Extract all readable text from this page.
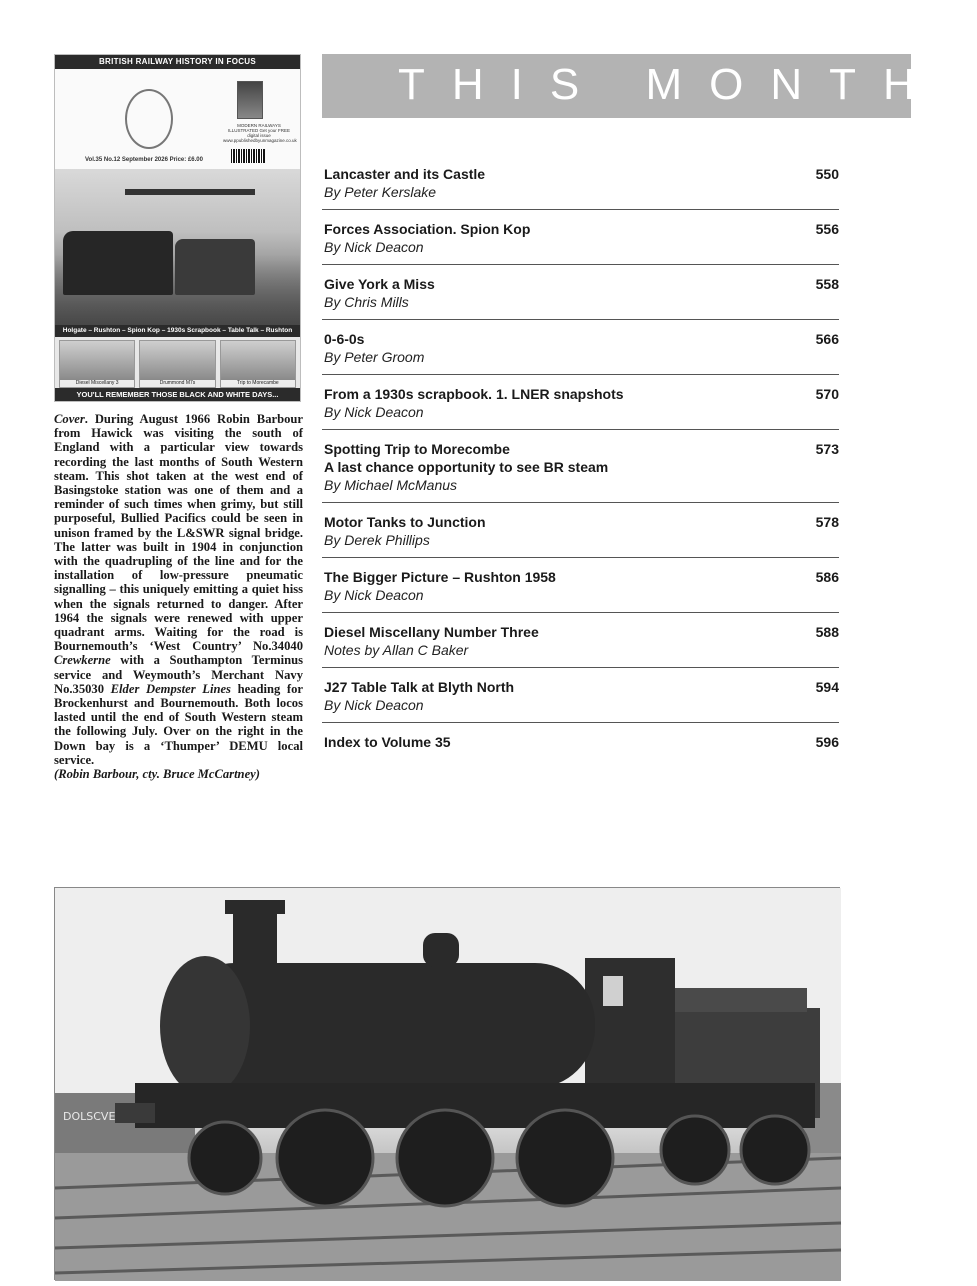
BRITISH RAILWAY HISTORY IN FOCUS
Vol.35 No.12 September 2026 Price: £6.00
MODERN RAILWAYS ILLUSTRATED Get your FREE digital issue www.ppublishedbyunmagazine.co.uk
Holgate – Rushton – Spion Kop – 1930s Scrapbook – Table Talk – Rushton
Diesel Miscellany 3	Drummond M7s	Trip to Morecambe
YOU'LL REMEMBER THOSE BLACK AND WHITE DAYS...
Cover. During August 1966 Robin Barbour from Hawick was visiting the south of England with a particular view towards recording the last months of South Western steam. This shot taken at the west end of Basingstoke station was one of them and a reminder of such times when grimy, but still purposeful, Bullied Pacifics could be seen in unison framed by the L&SWR signal bridge. The latter was built in 1904 in conjunction with the quadrupling of the line and for the installation of low-pressure pneumatic signalling – this uniquely emitting a quiet hiss when the signals returned to danger. After 1964 the signals were renewed with upper quadrant arms. Waiting for the road is Bournemouth’s ‘West Country’ No.34040 Crewkerne with a Southampton Terminus service and Weymouth’s Merchant Navy No.35030 Elder Dempster Lines heading for Brockenhurst and Bournemouth. Both locos lasted until the end of South Western steam the following July. Over on the right in the Down bay is a ‘Thumper’ DEMU local service.
(Robin Barbour, cty. Bruce McCartney)
THIS MONTH'
Lancaster and its Castle
By Peter Kerslake
550
Forces Association. Spion Kop
By Nick Deacon
556
Give York a Miss
By Chris Mills
558
0-6-0s
By Peter Groom
566
From a 1930s scrapbook. 1. LNER snapshots
By Nick Deacon
570
Spotting Trip to Morecombe
A last chance opportunity to see BR steam
By Michael McManus
573
Motor Tanks to Junction
By Derek Phillips
578
The Bigger Picture – Rushton 1958
By Nick Deacon
586
Diesel Miscellany Number Three
Notes by Allan C Baker
588
J27 Table Talk at Blyth North
By Nick Deacon
594
Index to Volume 35	596
DOLSCVE
